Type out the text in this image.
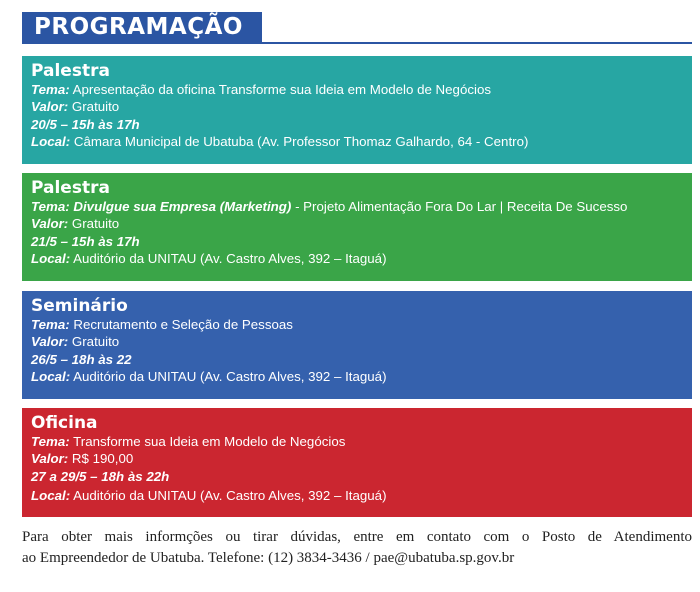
PROGRAMAÇÃO
Palestra
Tema: Apresentação da oficina Transforme sua Ideia em Modelo de Negócios
Valor: Gratuito
20/5 – 15h às 17h
Local: Câmara Municipal de Ubatuba (Av. Professor Thomaz Galhardo, 64 - Centro)
Palestra
Tema: Divulgue sua Empresa (Marketing) - Projeto Alimentação Fora Do Lar | Receita De Sucesso
Valor: Gratuito
21/5 – 15h às 17h
Local: Auditório da UNITAU (Av. Castro Alves, 392 – Itaguá)
Seminário
Tema: Recrutamento e Seleção de Pessoas
Valor: Gratuito
26/5 – 18h às 22
Local: Auditório da UNITAU (Av. Castro Alves, 392 – Itaguá)
Oficina
Tema: Transforme sua Ideia em Modelo de Negócios
Valor: R$ 190,00
27 a 29/5 – 18h às 22h
Local: Auditório da UNITAU (Av. Castro Alves, 392 – Itaguá)

Para obter mais informções ou tirar dúvidas, entre em contato com o Posto de Atendimento

ao Empreendedor de Ubatuba. Telefone: (12) 3834-3436 / pae@ubatuba.sp.gov.br
